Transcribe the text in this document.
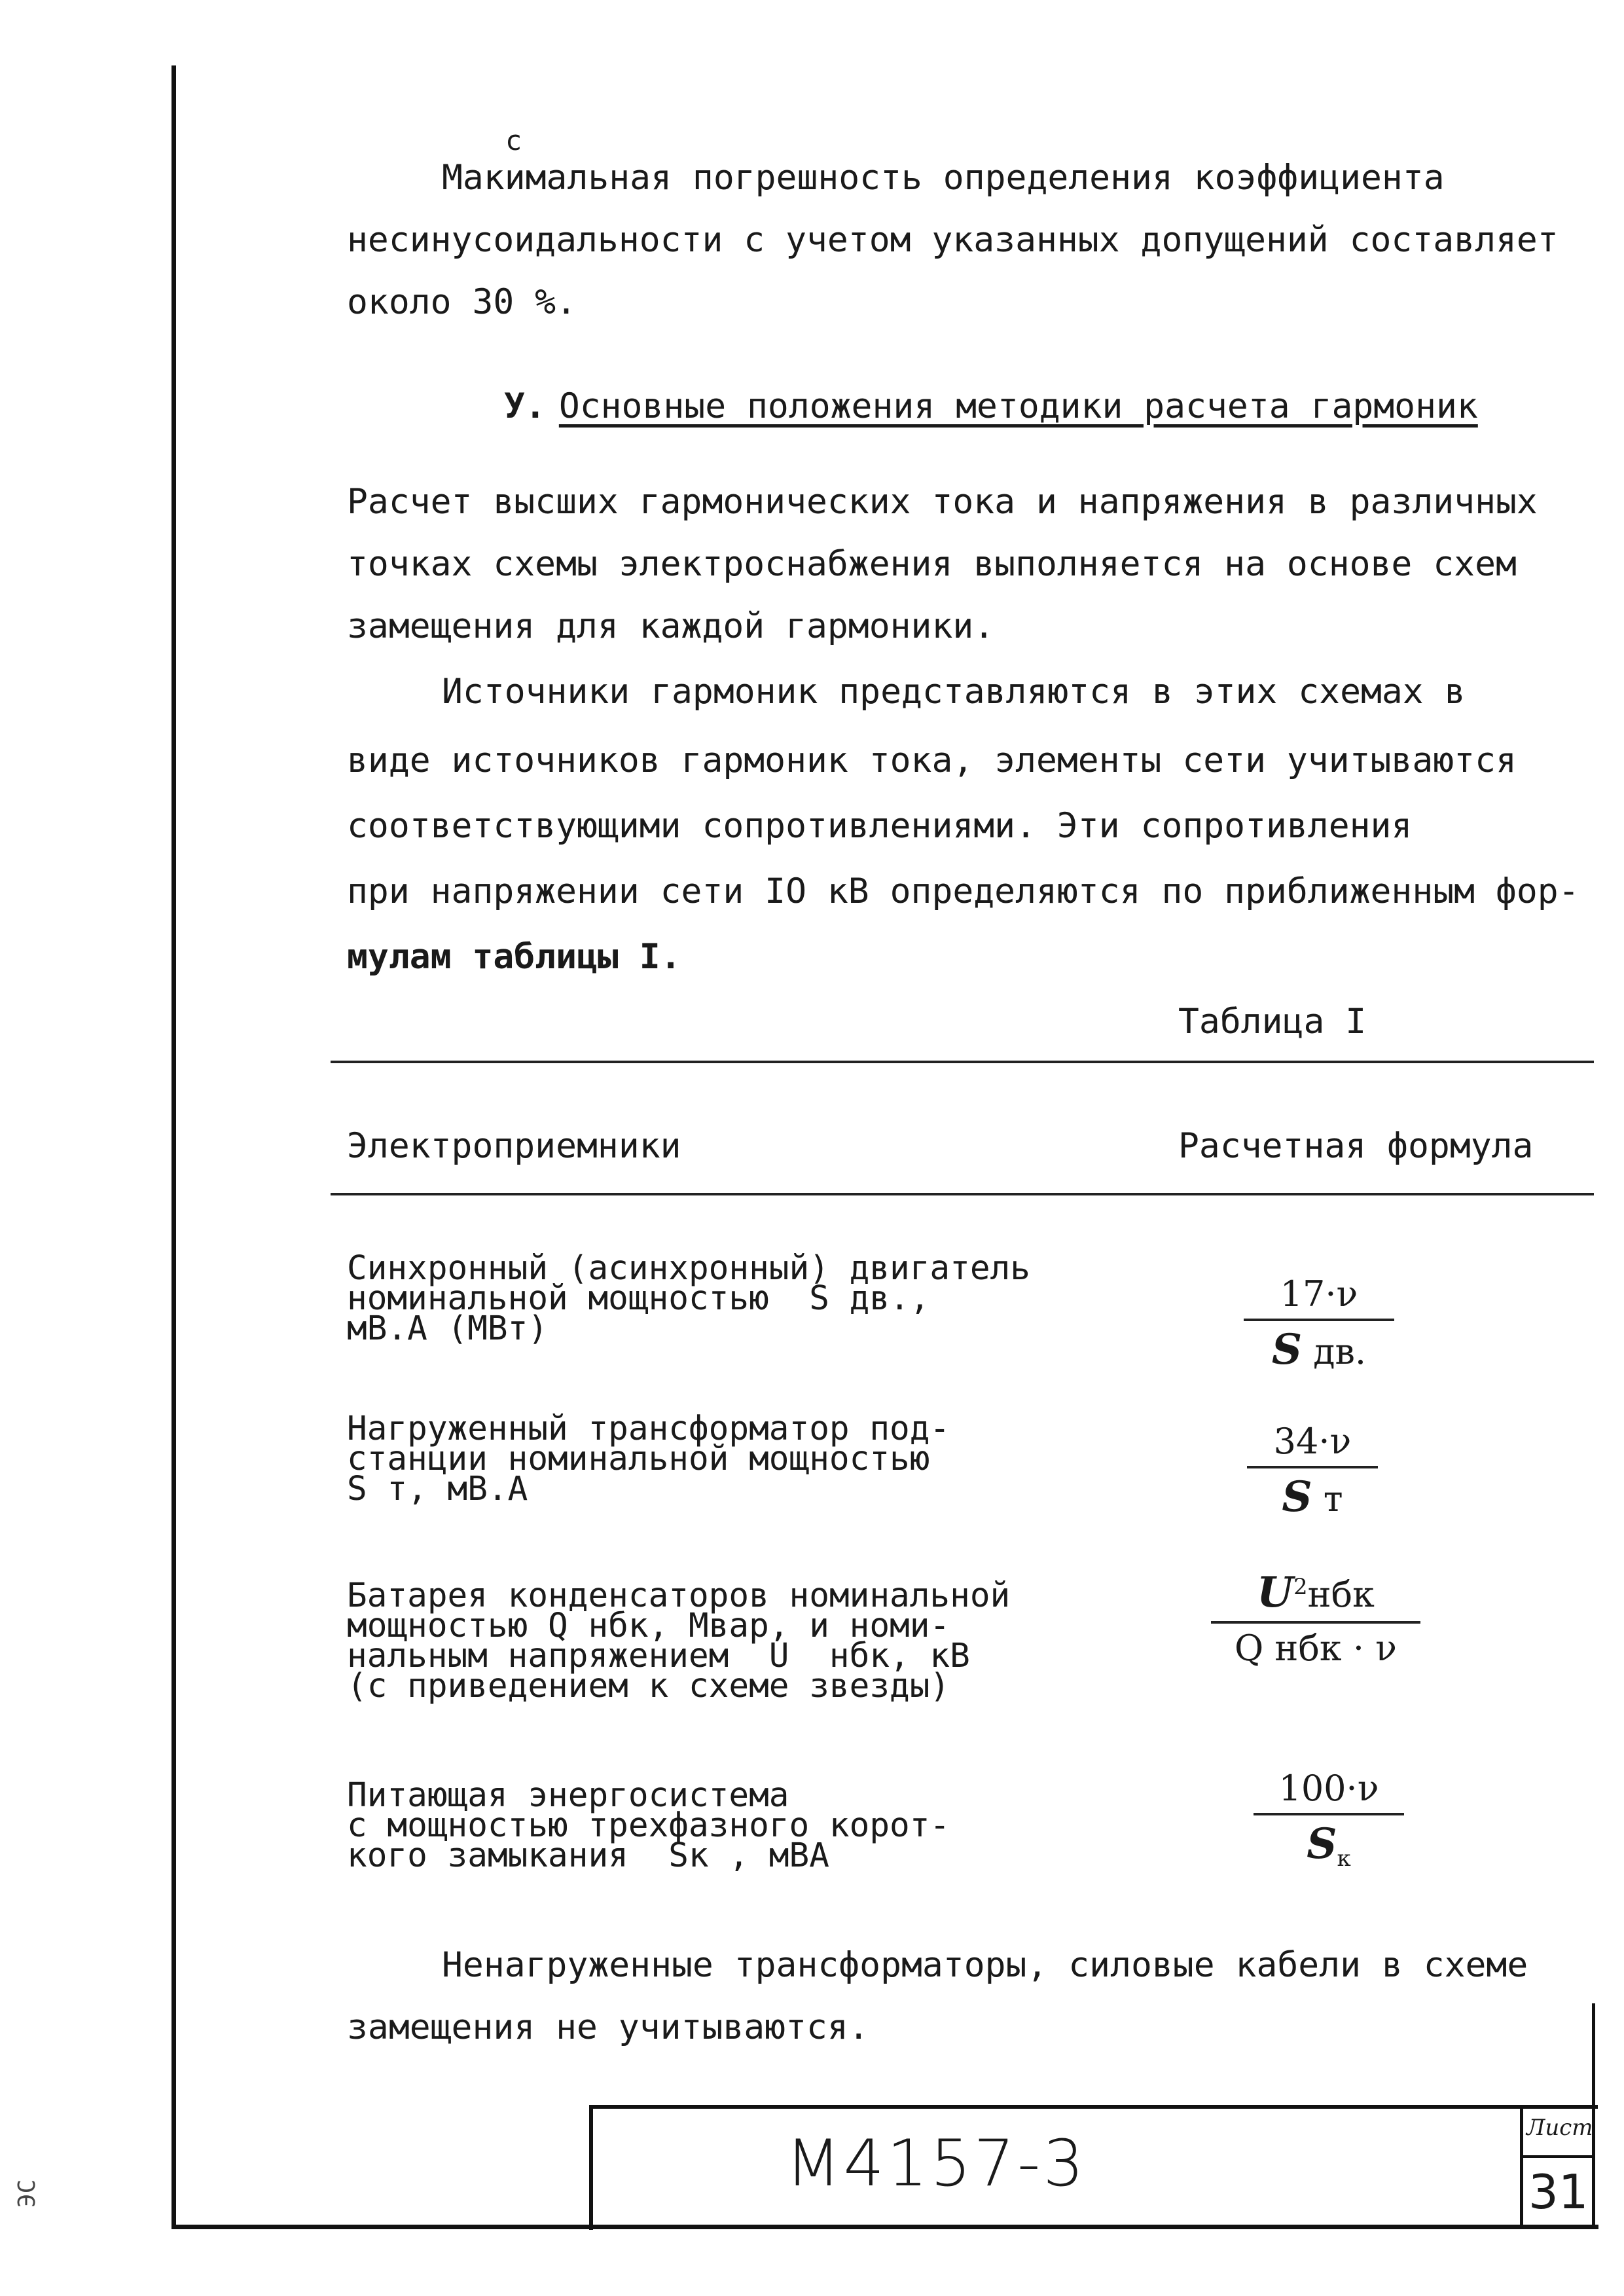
с
Макимальная погрешность определения коэффициента
несинусоидальности с учетом указанных допущений составляет
около 30 %.
У. Основные положения методики расчета гармоник
Расчет высших гармонических тока и напряжения в различных
точках схемы электроснабжения выполняется на основе схем
замещения для каждой гармоники.
Источники гармоник представляются в этих схемах в
виде источников гармоник тока, элементы сети учитываются
соответствующими сопротивлениями. Эти сопротивления
при напряжении сети IO кВ определяются по приближенным фор-
мулам таблицы I.
Таблица I
Электроприемники	Расчетная формула
Синхронный (асинхронный) двигатель
номинальной мощностью  S дв.,
мВ.А (МВт)
17·ν
S дв.
Нагруженный трансформатор под-
станции номинальной мощностью
S т, мВ.А
34·ν
S т
Батарея конденсаторов номинальной
мощностью Q нбк, Мвар, и номи-
нальным напряжением  U  нбк, кВ
(с приведением к схеме звезды)
$U^2нбк$
Q нбк · ν
Питающая энергосистема
с мощностью трехфазного корот-
кого замыкания  Sк , мВА
100·ν
$S_к$
Ненагруженные трансформаторы, силовые кабели в схеме
замещения не учитываются.
М4157-3	Лист
31
ЭС
